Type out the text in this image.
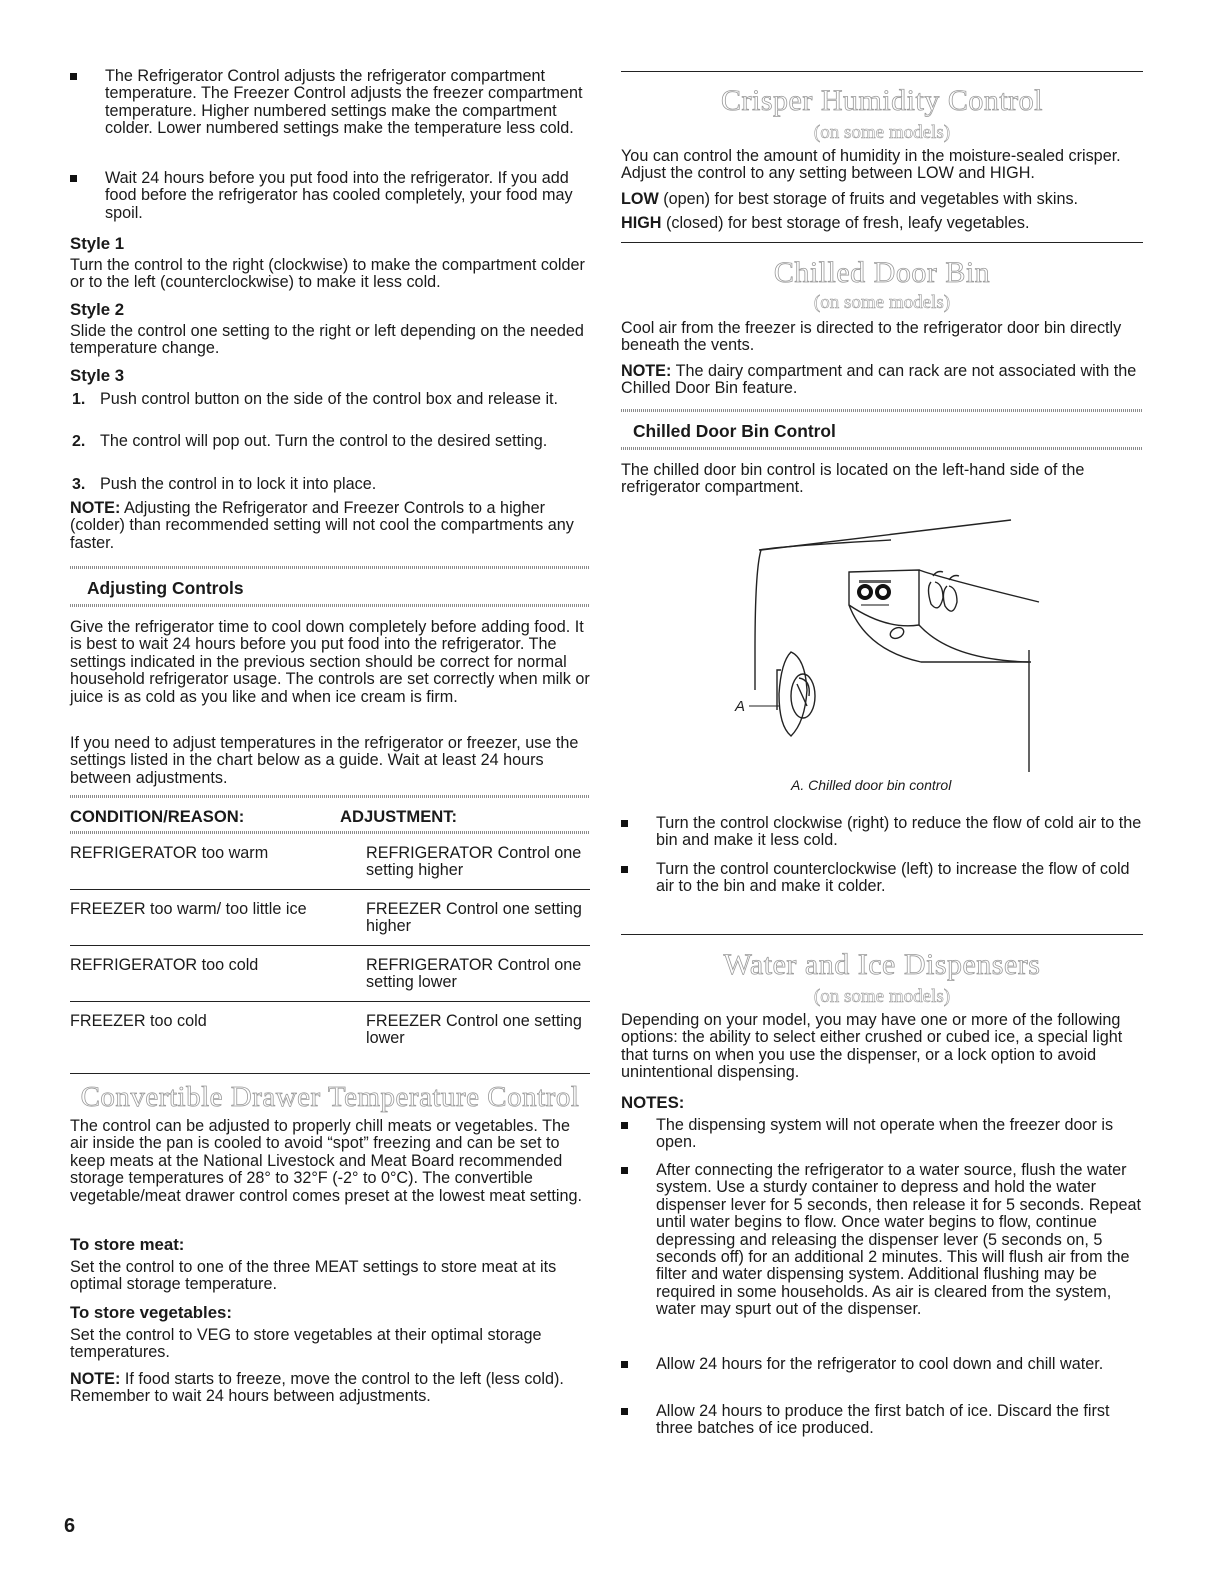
The Refrigerator Control adjusts the refrigerator compartment temperature. The Freezer Control adjusts the freezer compartment temperature. Higher numbered settings make the compartment colder. Lower numbered settings make the temperature less cold.

Wait 24 hours before you put food into the refrigerator. If you add food before the refrigerator has cooled completely, your food may spoil.

Style 1

Turn the control to the right (clockwise) to make the compartment colder or to the left (counterclockwise) to make it less cold.

Style 2

Slide the control one setting to the right or left depending on the needed temperature change.

Style 3
1. Push control button on the side of the control box and release it.

2. The control will pop out. Turn the control to the desired setting.

3. Push the control in to lock it into place.

NOTE: Adjusting the Refrigerator and Freezer Controls to a higher (colder) than recommended setting will not cool the compartments any faster.

Adjusting Controls

Give the refrigerator time to cool down completely before adding food. It is best to wait 24 hours before you put food into the refrigerator. The settings indicated in the previous section should be correct for normal household refrigerator usage. The controls are set correctly when milk or juice is as cold as you like and when ice cream is firm.

If you need to adjust temperatures in the refrigerator or freezer, use the settings listed in the chart below as a guide. Wait at least 24 hours between adjustments.

CONDITION/REASON:	ADJUSTMENT:
REFRIGERATOR too warm	REFRIGERATOR Control one setting higher
FREEZER too warm/ too little ice	FREEZER Control one setting higher
REFRIGERATOR too cold	REFRIGERATOR Control one setting lower
FREEZER too cold	FREEZER Control one setting lower
Convertible Drawer Temperature Control

The control can be adjusted to properly chill meats or vegetables. The air inside the pan is cooled to avoid “spot” freezing and can be set to keep meats at the National Livestock and Meat Board recommended storage temperatures of 28° to 32°F (-2° to 0°C). The convertible vegetable/meat drawer control comes preset at the lowest meat setting.

To store meat:

Set the control to one of the three MEAT settings to store meat at its optimal storage temperature.

To store vegetables:

Set the control to VEG to store vegetables at their optimal storage temperatures.

NOTE: If food starts to freeze, move the control to the left (less cold). Remember to wait 24 hours between adjustments.

Crisper Humidity Control
(on some models)

You can control the amount of humidity in the moisture-sealed crisper. Adjust the control to any setting between LOW and HIGH.

LOW (open) for best storage of fruits and vegetables with skins.

HIGH (closed) for best storage of fresh, leafy vegetables.

Chilled Door Bin
(on some models)

Cool air from the freezer is directed to the refrigerator door bin directly beneath the vents.

NOTE: The dairy compartment and can rack are not associated with the Chilled Door Bin feature.

Chilled Door Bin Control

The chilled door bin control is located on the left-hand side of the refrigerator compartment.

A
A. Chilled door bin control

Turn the control clockwise (right) to reduce the flow of cold air to the bin and make it less cold.

Turn the control counterclockwise (left) to increase the flow of cold air to the bin and make it colder.

Water and Ice Dispensers
(on some models)

Depending on your model, you may have one or more of the following options: the ability to select either crushed or cubed ice, a special light that turns on when you use the dispenser, or a lock option to avoid unintentional dispensing.

NOTES:

The dispensing system will not operate when the freezer door is open.

After connecting the refrigerator to a water source, flush the water system. Use a sturdy container to depress and hold the water dispenser lever for 5 seconds, then release it for 5 seconds. Repeat until water begins to flow. Once water begins to flow, continue depressing and releasing the dispenser lever (5 seconds on, 5 seconds off) for an additional 2 minutes. This will flush air from the filter and water dispensing system. Additional flushing may be required in some households. As air is cleared from the system, water may spurt out of the dispenser.

Allow 24 hours for the refrigerator to cool down and chill water.

Allow 24 hours to produce the first batch of ice. Discard the first three batches of ice produced.

6
